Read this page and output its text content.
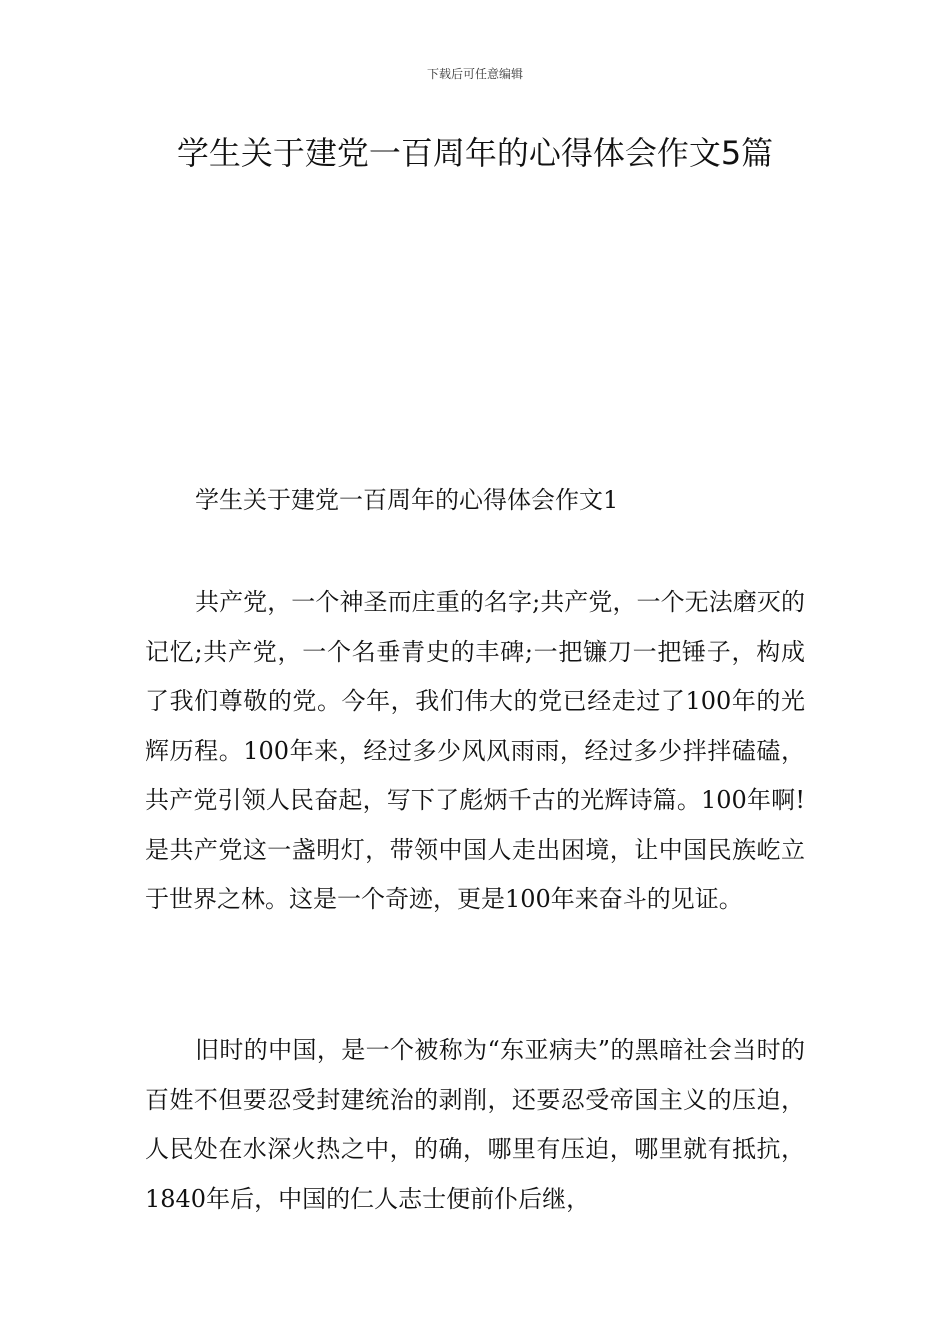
下载后可任意编辑
学生关于建党一百周年的心得体会作文5篇
学生关于建党一百周年的心得体会作文1

共产党，一个神圣而庄重的名字;共产党，一个无法磨灭的记忆;共产党，一个名垂青史的丰碑;一把镰刀一把锤子，构成了我们尊敬的党。今年，我们伟大的党已经走过了100年的光辉历程。100年来，经过多少风风雨雨，经过多少拌拌磕磕，共产党引领人民奋起，写下了彪炳千古的光辉诗篇。100年啊!是共产党这一盏明灯，带领中国人走出困境，让中国民族屹立于世界之林。这是一个奇迹，更是100年来奋斗的见证。

旧时的中国，是一个被称为“东亚病夫”的黑暗社会当时的百姓不但要忍受封建统治的剥削，还要忍受帝国主义的压迫，人民处在水深火热之中，的确，哪里有压迫，哪里就有抵抗，1840年后，中国的仁人志士便前仆后继，
